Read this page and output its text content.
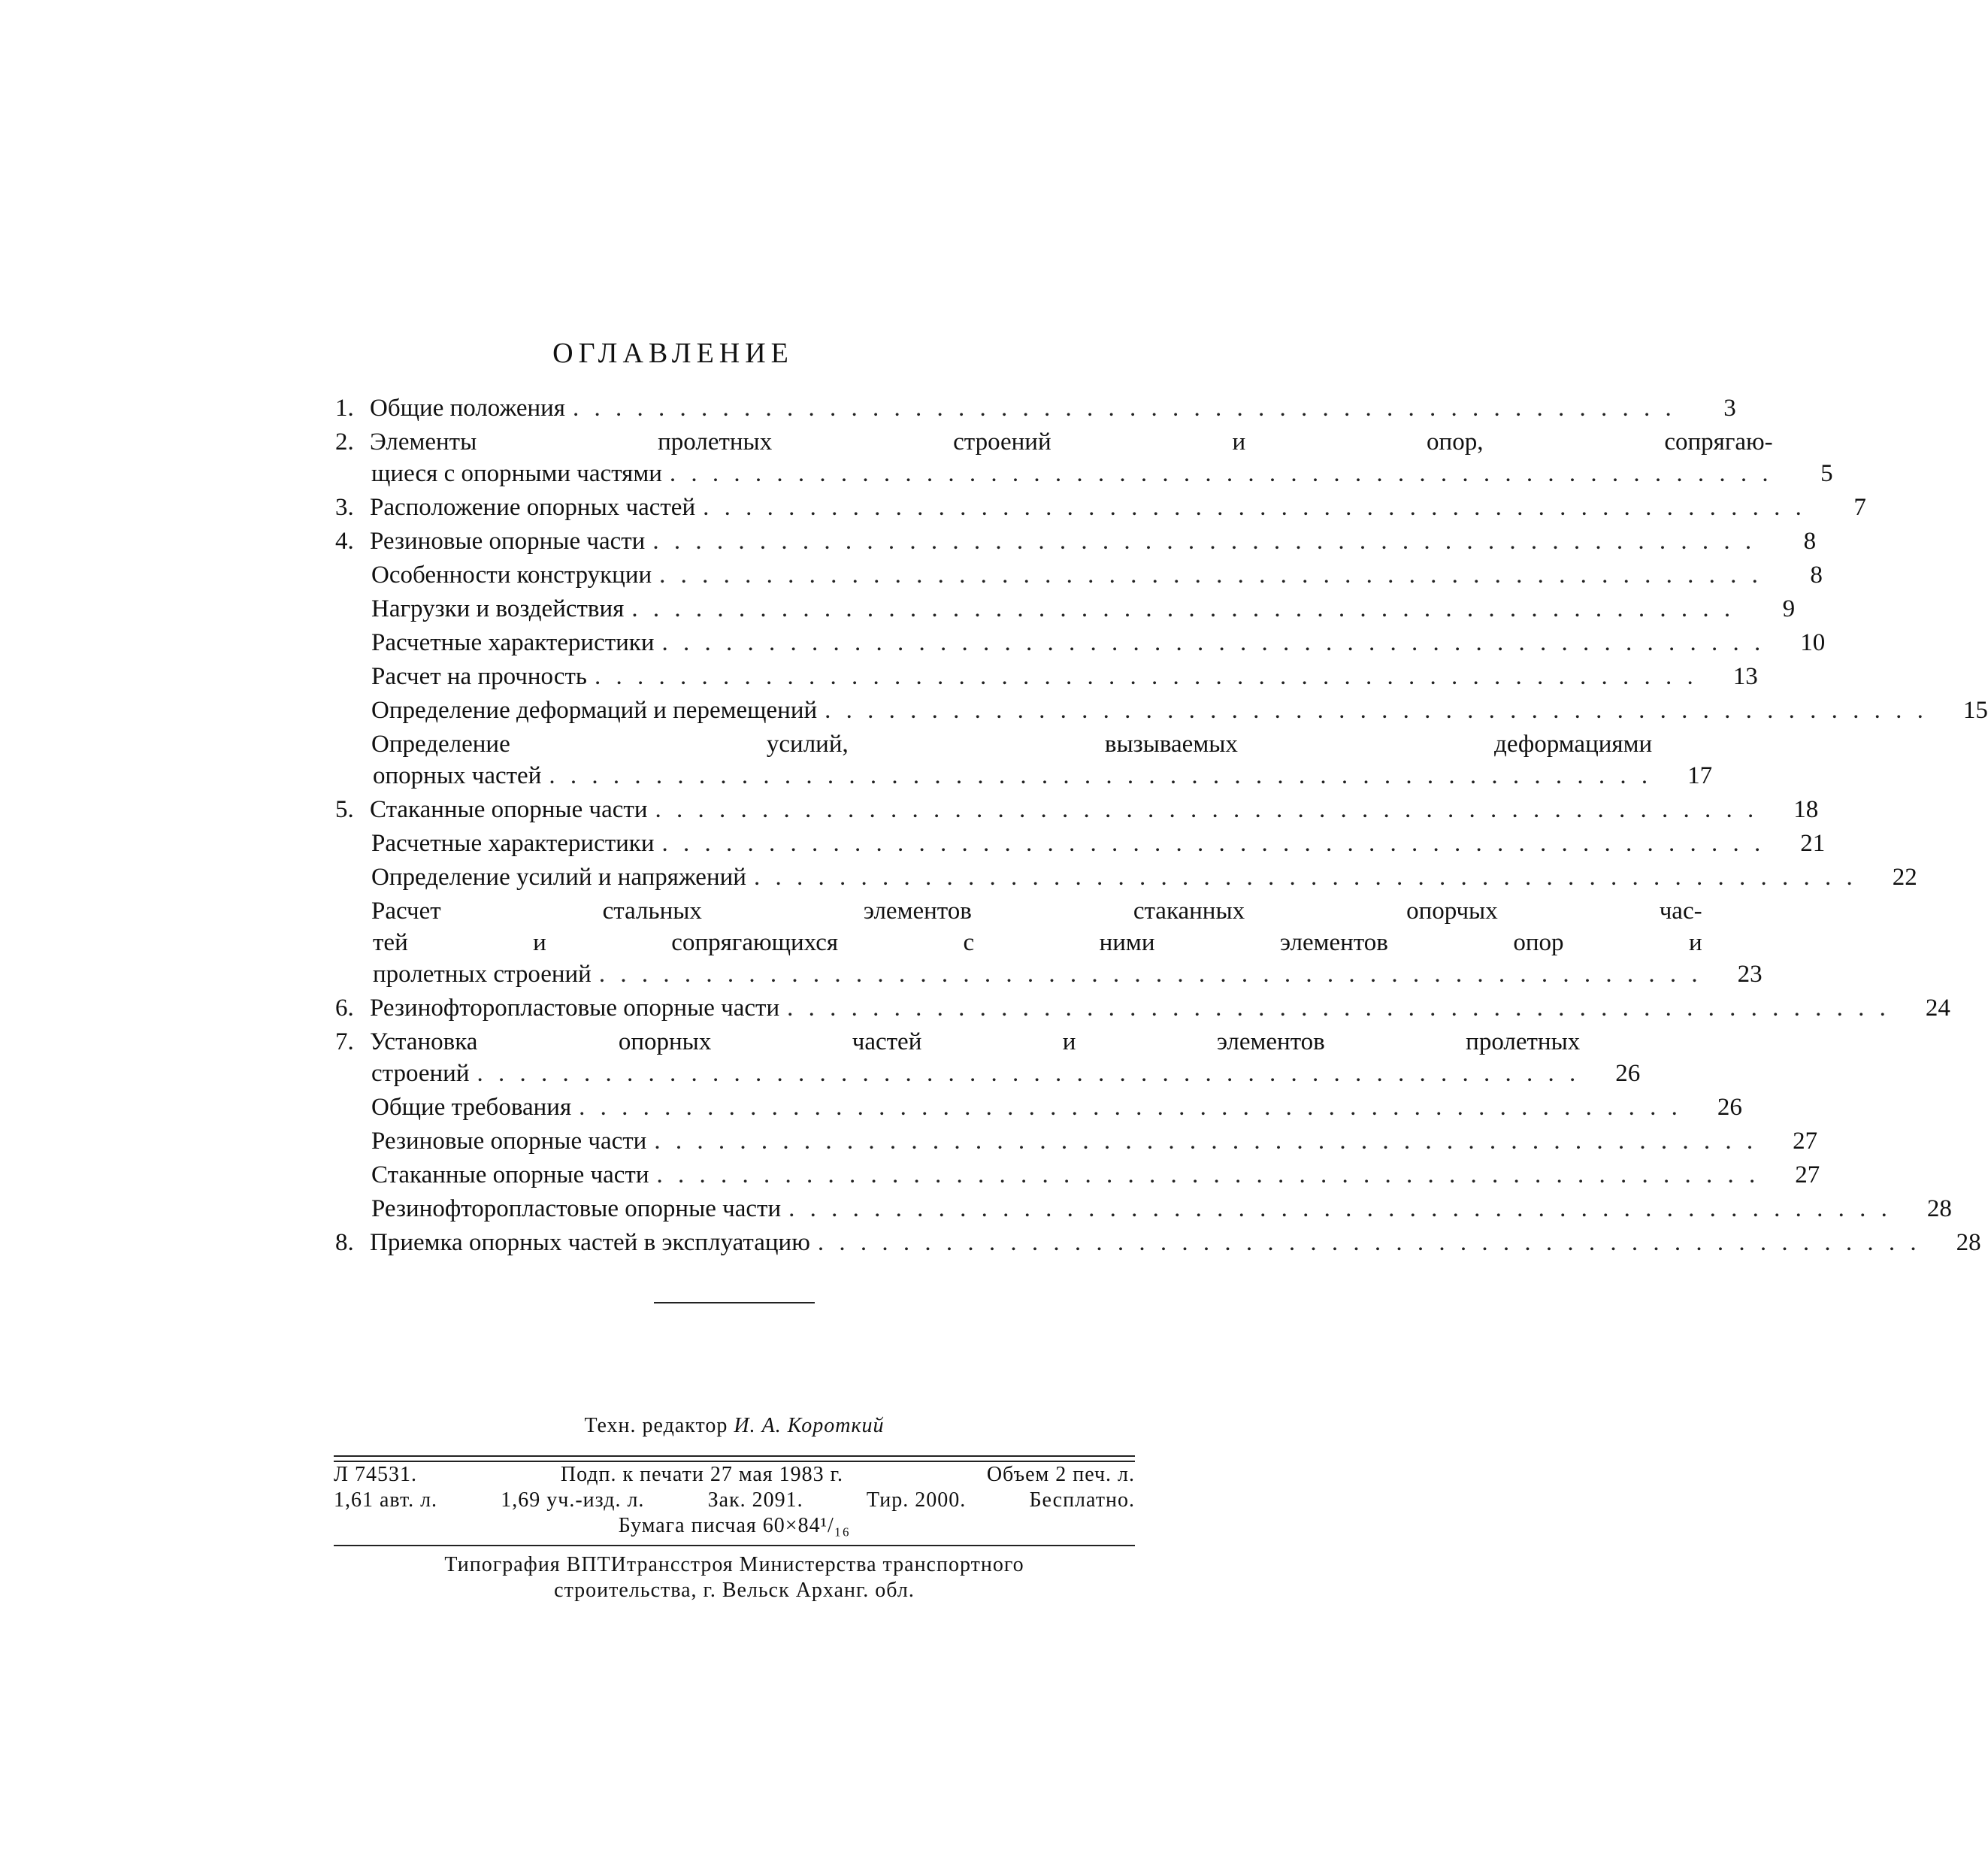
ОГЛАВЛЕНИЕ
1. Общие положения . . .	3
2. Элементы пролетных строений и опор, сопрягаю-
щиеся с опорными частями . . .	5
3. Расположение опорных частей . . .	7
4. Резиновые опорные части . . .	8
Особенности конструкции . . .	8
Нагрузки и воздействия . . .	9
Расчетные характеристики . . .	10
Расчет на прочность . . .	13
Определение деформаций и перемещений . . .	15
Определение усилий, вызываемых деформациями
опорных частей . . .	17
5. Стаканные опорные части . . .	18
Расчетные характеристики . . .	21
Определение усилий и напряжений . . .	22
Расчет стальных элементов стаканных опорчых час-
тей и сопрягающихся с ними элементов опор и
пролетных строений . . .	23
6. Резинофторопластовые опорные части . . .	24
7. Установка опорных частей и элементов пролетных
строений . . .	26
Общие требования . . .	26
Резиновые опорные части . . .	27
Стаканные опорные части . . .	27
Резинофторопластовые опорные части . . .	28
8. Приемка опорных частей в эксплуатацию . . .	28
Техн. редактор И. А. Короткий
Л 74531.	Подп. к печати 27 мая 1983 г.	Объем 2 печ. л.
1,61 авт. л.	1,69 уч.-изд. л.	Зак. 2091.	Тир. 2000.	Бесплатно.
Бумага писчая 60×84¹/₁₆
Типография ВПТИтрансстроя Министерства транспортного
строительства, г. Вельск Арханг. обл.
